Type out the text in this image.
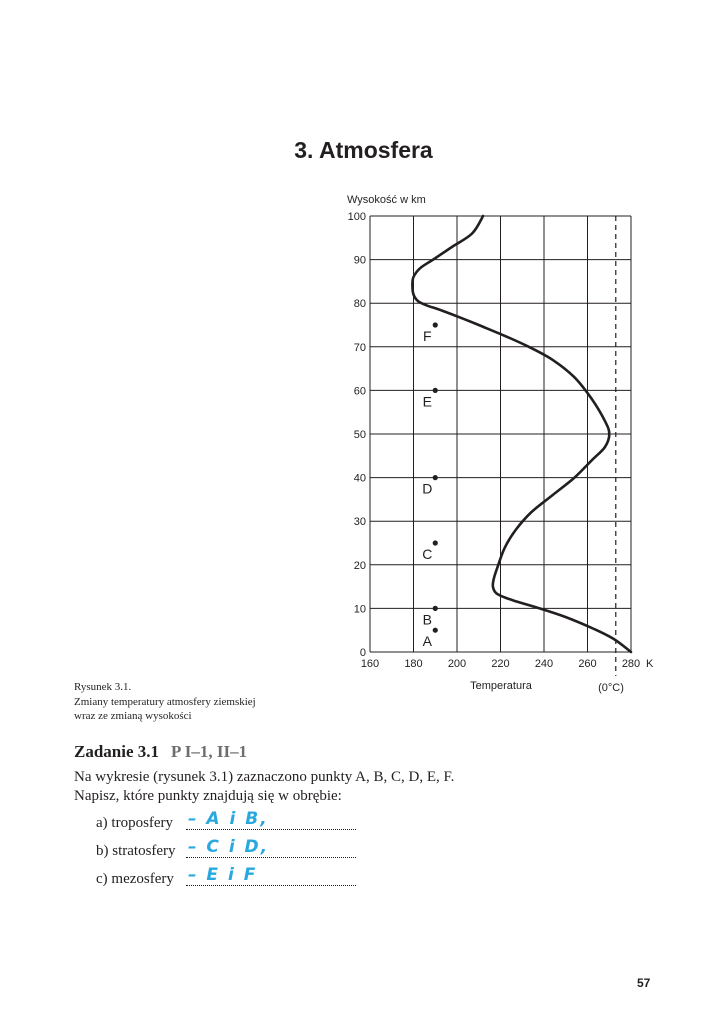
3. Atmosfera
160 180 200 220 240 260 280
0
10
20
30
40
50
60
70
80
90
100
A
B
C
D
E
F
Wysokość w km
Temperatura
K
(0°C)
Rysunek 3.1.
Zmiany temperatury atmosfery ziemskiej
wraz ze zmianą wysokości
Zadanie 3.1 P I–1, II–1
Na wykresie (rysunek 3.1) zaznaczono punkty A, B, C, D, E, F.
Napisz, które punkty znajdują się w obrębie:
a) troposfery – A i B,
b) stratosfery – C i D,
c) mezosfery – E i F
57
